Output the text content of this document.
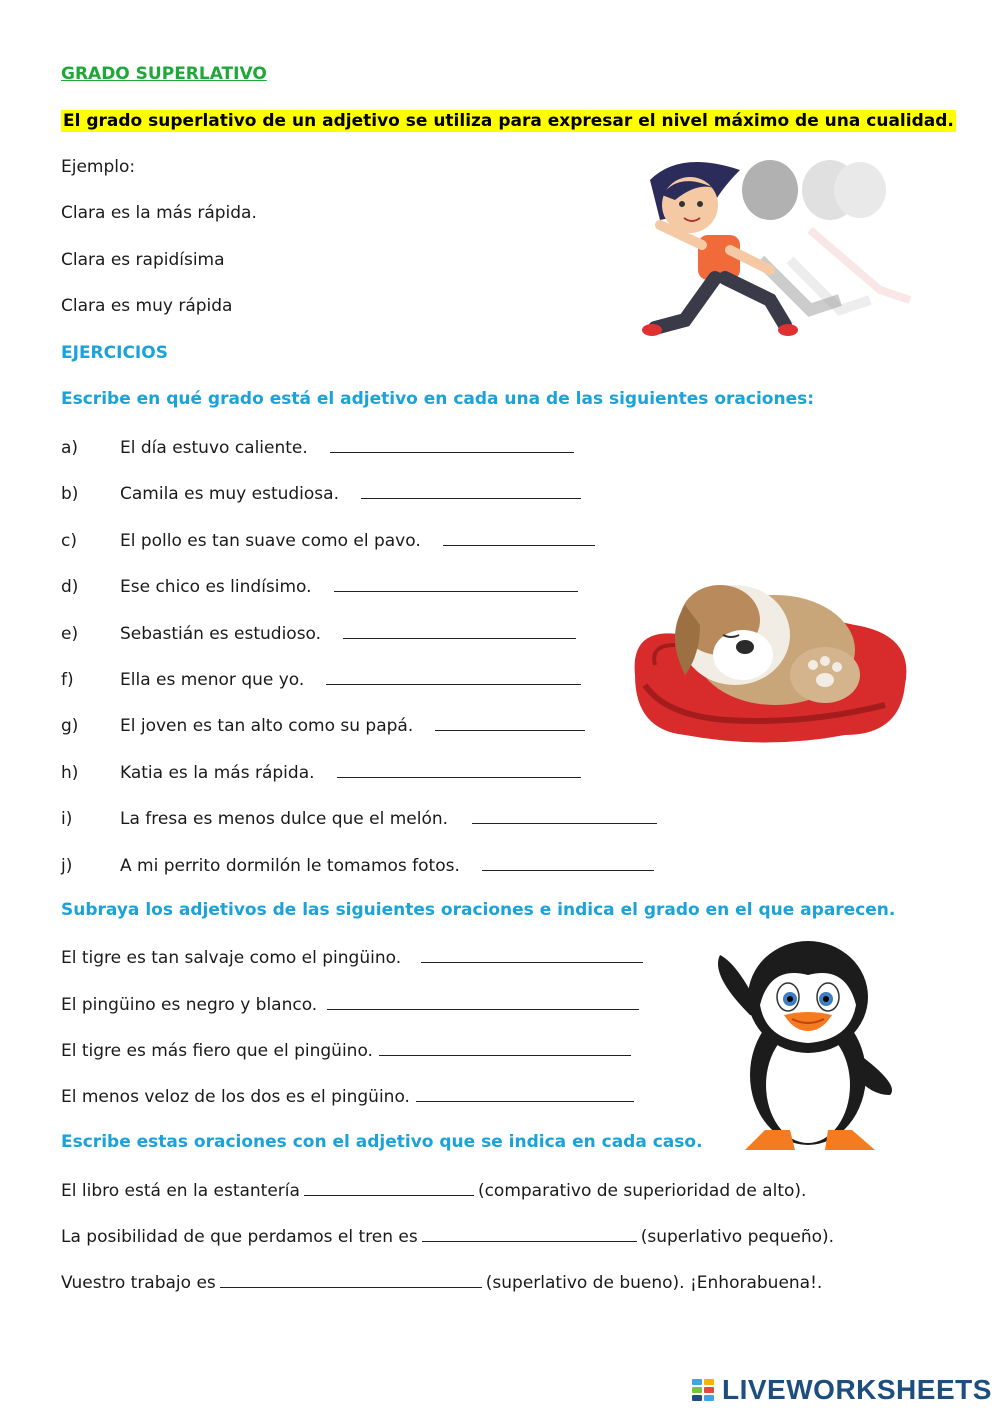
GRADO SUPERLATIVO
El grado superlativo de un adjetivo se utiliza para expresar el nivel máximo de una cualidad.
Ejemplo:
Clara es la más rápida.
Clara es rapidísima
Clara es muy rápida
EJERCICIOS
Escribe en qué grado está el adjetivo en cada una de las siguientes oraciones:
a) El día estuvo caliente.
b) Camila es muy estudiosa.
c)	El pollo es tan suave como el pavo.
d) Ese chico es lindísimo.
e) Sebastián es estudioso.
f)	Ella es menor que yo.
g) El joven es tan alto como su papá.
h) Katia es la más rápida.
i)	La fresa es menos dulce que el melón.
j)	A mi perrito dormilón le tomamos fotos.
Subraya los adjetivos de las siguientes oraciones e indica el grado en el que aparecen.
El tigre es tan salvaje como el pingüino.
El pingüino es negro y blanco.
El tigre es más fiero que el pingüino.
El menos veloz de los dos es el pingüino.
Escribe estas oraciones con el adjetivo que se indica en cada caso.
El libro está en la estantería	(comparativo de superioridad de alto).
La posibilidad de que perdamos el tren es	(superlativo pequeño).
Vuestro trabajo es	(superlativo de bueno). ¡Enhorabuena!.
LIVEWORKSHEETS
